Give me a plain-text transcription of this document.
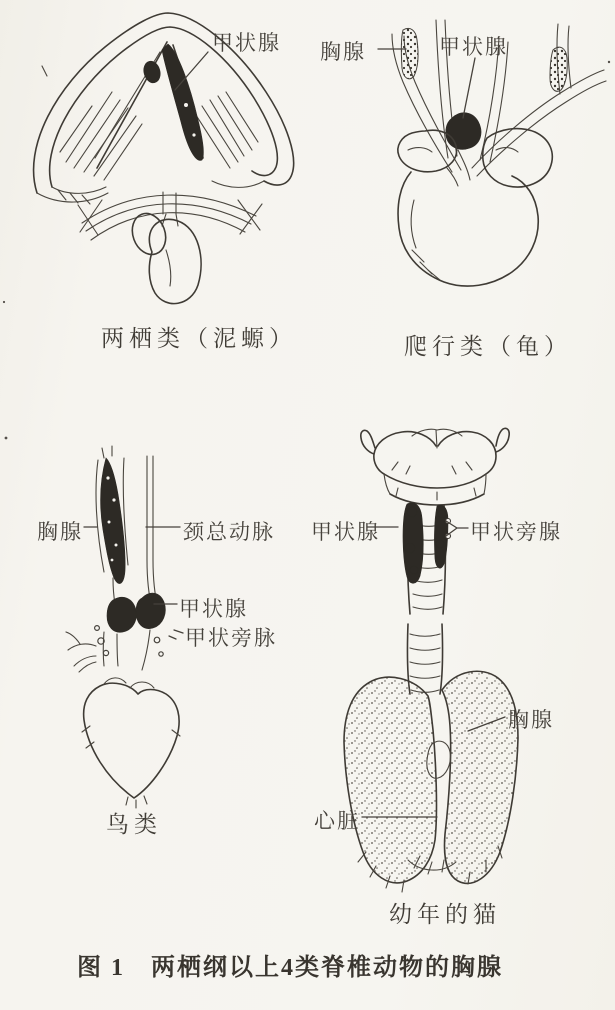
甲状腺 胸腺	甲状腺
胸腺	颈总动脉
甲状腺
甲状旁脉
甲状腺	甲状旁腺
胸腺
心脏
两栖类（泥螈）	爬行类（龟）
鸟类
幼年的猫
图 1　两栖纲以上4类脊椎动物的胸腺
